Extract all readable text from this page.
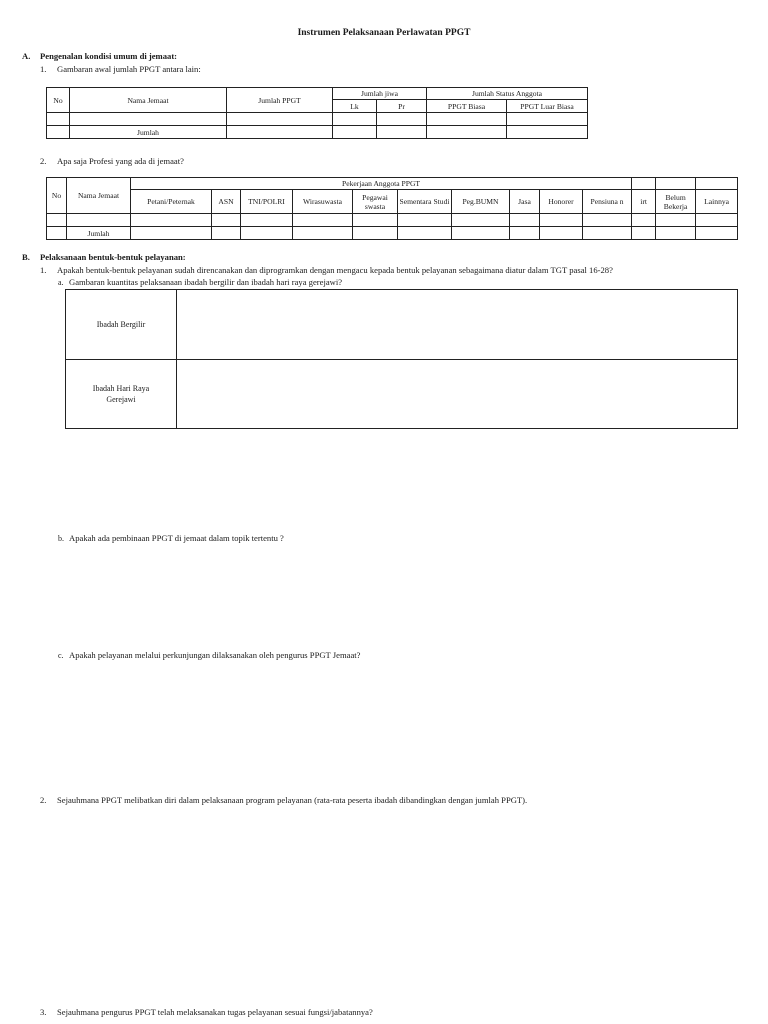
Instrumen Pelaksanaan Perlawatan PPGT
A. Pengenalan kondisi umum di jemaat:
1. Gambaran awal jumlah PPGT antara lain:
No	Nama Jemaat	Jumlah PPGT	Jumlah jiwa		Jumlah Status Anggota	
			Lk	Pr	PPGT Biasa	PPGT Luar Biasa

	Jumlah					
2. Apa saja Profesi yang ada di jemaat?
No	Nama Jemaat	Pekerjaan Anggota PPGT												
		Petani/Peternak	ASN	TNI/POLRI	Wirasuwasta	Pegawai swasta	Sementara Studi	Peg.BUMN	Jasa	Honorer	Pensiuna n	irt	Belum Bekerja	Lainnya

	Jumlah													
B. Pelaksanaan bentuk-bentuk pelayanan:
1. Apakah bentuk-bentuk pelayanan sudah direncanakan dan diprogramkan dengan mengacu kepada bentuk pelayanan sebagaimana diatur dalam TGT pasal 16-28?
a. Gambaran kuantitas pelaksanaan ibadah bergilir dan ibadah hari raya gerejawi?
Ibadah Bergilir	
Ibadah Hari Raya Gerejawi	
b. Apakah ada pembinaan PPGT di jemaat dalam topik tertentu ?
c. Apakah pelayanan melalui perkunjungan dilaksanakan oleh pengurus PPGT Jemaat?
2. Sejauhmana PPGT melibatkan diri dalam pelaksanaan program pelayanan (rata-rata peserta ibadah dibandingkan dengan jumlah PPGT).
3. Sejauhmana pengurus PPGT telah melaksanakan tugas pelayanan sesuai fungsi/jabatannya?
